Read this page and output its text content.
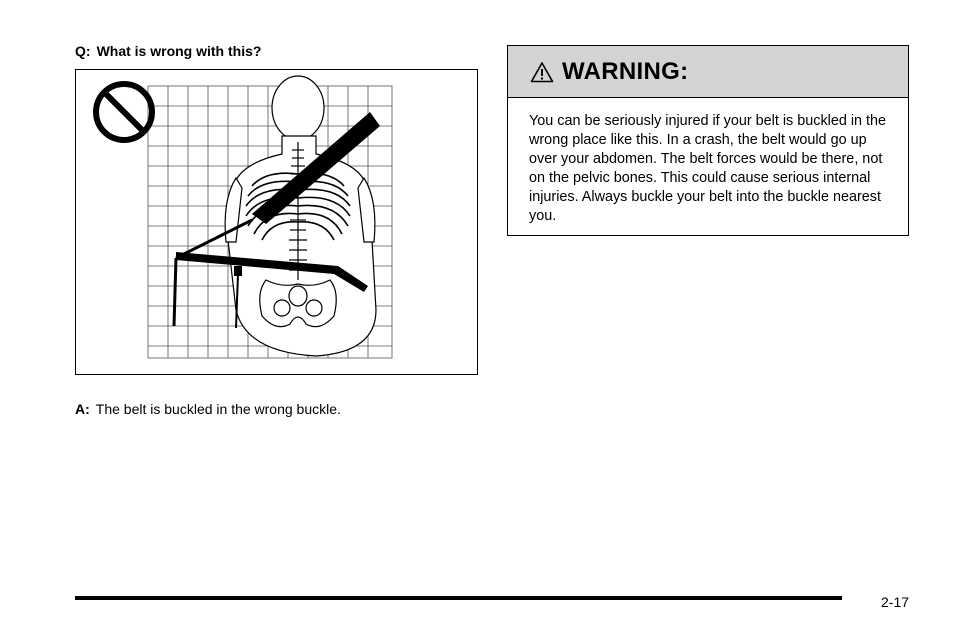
Q: What is wrong with this?
A: The belt is buckled in the wrong buckle.
WARNING:
You can be seriously injured if your belt is buckled in the wrong place like this. In a crash, the belt would go up over your abdomen. The belt forces would be there, not on the pelvic bones. This could cause serious internal injuries. Always buckle your belt into the buckle nearest you.
2-17
